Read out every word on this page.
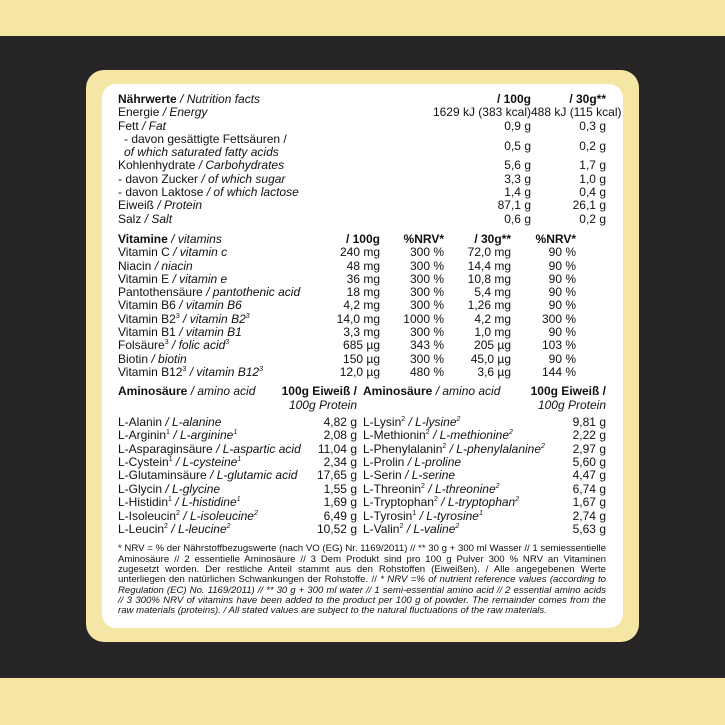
Nährwerte / Nutrition facts	/ 100g	/ 30g**
Energie / Energy	1629 kJ (383 kcal) 488 kJ (115 kcal)
Fett / Fat	0,9 g	0,3 g
- davon gesättigte Fettsäuren /
of which saturated fatty acids	0,5 g	0,2 g
Kohlenhydrate / Carbohydrates	5,6 g	1,7 g
- davon Zucker / of which sugar	3,3 g	1,0 g
- davon Laktose / of which lactose	1,4 g	0,4 g
Eiweiß / Protein	87,1 g	26,1 g
Salz / Salt	0,6 g	0,2 g
Vitamine / vitamins	/ 100g	%NRV*	/ 30g**	%NRV*
Vitamin C / vitamin c	240 mg	300 %	72,0 mg	90 %
Niacin / niacin	48 mg	300 %	14,4 mg	90 %
Vitamin E / vitamin e	36 mg	300 %	10,8 mg	90 %
Pantothensäure / pantothenic acid	18 mg	300 %	5,4 mg	90 %
Vitamin B6 / vitamin B6	4,2 mg	300 %	1,26 mg	90 %
Vitamin $B2^3$ / vitamin $B2^3$	14,0 mg	1000 %	4,2 mg	300 %
Vitamin B1 / vitamin B1	3,3 mg	300 %	1,0 mg	90 %
Folsäure$^3$ / folic acid$^3$	685 µg	343 %	205 µg	103 %
Biotin / biotin	150 µg	300 %	45,0 µg	90 %
Vitamin $B12^3$ / vitamin $B12^3$	12,0 µg	480 %	3,6 µg	144 %
Aminosäure / amino acid 100g Eiweiß /
100g Protein
L-Alanin / L-alanine	4,82 g
L-Arginin$^1$ / L-arginine$^1$	2,08 g
L-Asparaginsäure / L-aspartic acid 11,04 g
L-Cystein$^1$ / L-cysteine$^1$	2,34 g
L-Glutaminsäure / L-glutamic acid 17,65 g
L-Glycin / L-glycine	1,55 g
L-Histidin$^1$ / L-histidine$^1$	1,69 g
L-Isoleucin$^2$ / L-isoleucine$^2$	6,49 g
L-Leucin$^2$ / L-leucine$^2$	10,52 g
Aminosäure / amino acid	100g Eiweiß /
100g Protein
L-Lysin$^2$ / L-lysine$^2$	9,81 g
L-Methionin$^2$ / L-methionine$^2$	2,22 g
L-Phenylalanin$^2$ / L-phenylalanine$^2$ 2,97 g
L-Prolin / L-proline	5,60 g
L-Serin / L-serine	4,47 g
L-Threonin$^2$ / L-threonine$^2$	6,74 g
L-Tryptophan$^2$ / L-tryptophan$^2$	1,67 g
L-Tyrosin$^1$ / L-tyrosine$^1$	2,74 g
L-Valin$^2$ / L-valine$^2$	5,63 g
* NRV = % der Nährstoffbezugswerte (nach VO (EG) Nr. 1169/2011) // ** 30 g + 300 ml Wasser // 1 semiessentielle Aminosäure // 2 essentielle Aminosäure // 3 Dem Produkt sind pro 100 g Pulver 300 % NRV an Vitaminen zugesetzt worden. Der restliche Anteil stammt aus den Rohstoffen (Eiweißen). / Alle angegebenen Werte unterliegen den natürlichen Schwankungen der Rohstoffe. // * NRV =% of nutrient reference values (according to Regulation (EC) No. 1169/2011) // ** 30 g + 300 ml water // 1 semi-essential amino acid // 2 essential amino acids // 3 300% NRV of vitamins have been added to the product per 100 g of powder. The remainder comes from the raw materials (proteins). / All stated values are subject to the natural fluctuations of the raw materials.
